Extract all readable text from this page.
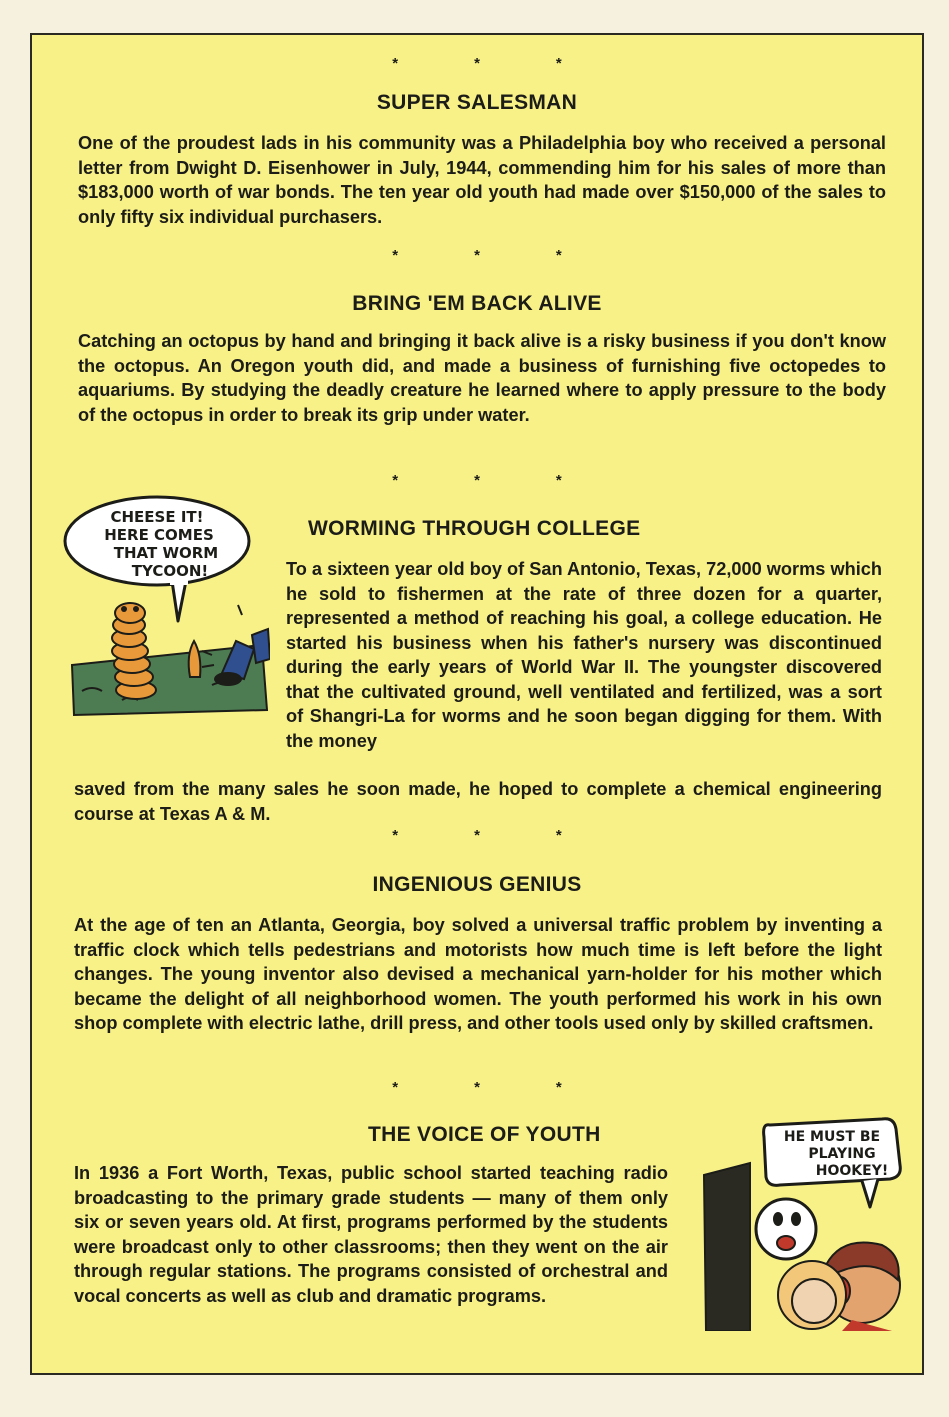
*	*	*
SUPER SALESMAN
One of the proudest lads in his community was a Philadelphia boy who received a personal letter from Dwight D. Eisenhower in July, 1944, commending him for his sales of more than $183,000 worth of war bonds. The ten year old youth had made over $150,000 of the sales to only fifty six individual purchasers.
*	*	*
BRING 'EM BACK ALIVE
Catching an octopus by hand and bringing it back alive is a risky business if you don't know the octopus. An Oregon youth did, and made a business of furnishing five octopedes to aquariums. By studying the deadly creature he learned where to apply pressure to the body of the octopus in order to break its grip under water.
*	*	*
CHEESE IT!
HERE COMES
THAT WORM
TYCOON!
WORMING THROUGH COLLEGE
To a sixteen year old boy of San Antonio, Texas, 72,000 worms which he sold to fishermen at the rate of three dozen for a quarter, represented a method of reaching his goal, a college education. He started his business when his father's nursery was discontinued during the early years of World War II. The youngster discovered that the cultivated ground, well ventilated and fertilized, was a sort of Shangri-La for worms and he soon began digging for them. With the money
saved from the many sales he soon made, he hoped to complete a chemical engineering course at Texas A & M.
*	*	*
INGENIOUS GENIUS
At the age of ten an Atlanta, Georgia, boy solved a universal traffic problem by inventing a traffic clock which tells pedestrians and motorists how much time is left before the light changes. The young inventor also devised a mechanical yarn-holder for his mother which became the delight of all neighborhood women. The youth performed his work in his own shop complete with electric lathe, drill press, and other tools used only by skilled craftsmen.
*	*	*
THE VOICE OF YOUTH
In 1936 a Fort Worth, Texas, public school started teaching radio broadcasting to the primary grade students — many of them only six or seven years old. At first, programs performed by the students were broadcast only to other classrooms; then they went on the air through regular stations. The programs consisted of orchestral and vocal concerts as well as club and dramatic programs.
HE MUST BE
PLAYING
HOOKEY!
